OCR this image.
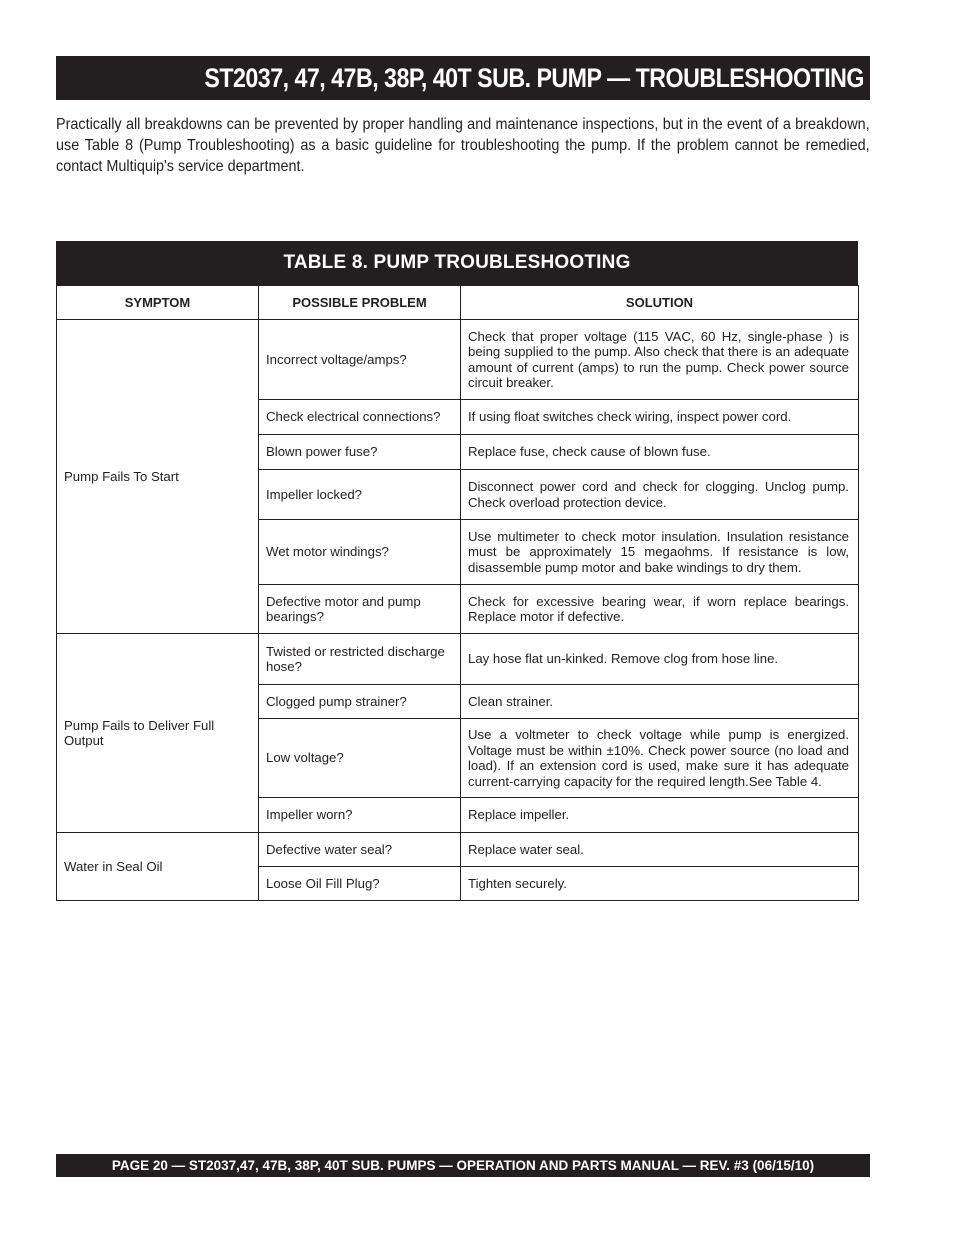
ST2037, 47, 47B, 38P, 40T SUB. PUMP — TROUBLESHOOTING
Practically all breakdowns can be prevented by proper handling and maintenance inspections, but in the event of a breakdown, use Table 8 (Pump Troubleshooting) as a basic guideline for troubleshooting the pump. If the problem cannot be remedied, contact Multiquip's service department.
TABLE 8. PUMP TROUBLESHOOTING
SYMPTOM	POSSIBLE PROBLEM	SOLUTION
Pump Fails To Start	Incorrect voltage/amps?	Check that proper voltage (115 VAC, 60 Hz, single-phase ) is being supplied to the pump. Also check that there is an adequate amount of current (amps) to run the pump. Check power source circuit breaker.
	Check electrical connections?	If using float switches check wiring, inspect power cord.
	Blown power fuse?	Replace fuse, check cause of blown fuse.
	Impeller locked?	Disconnect power cord and check for clogging. Unclog pump. Check overload protection device.
	Wet motor windings?	Use multimeter to check motor insulation. Insulation resistance must be approximately 15 megaohms. If resistance is low, disassemble pump motor and bake windings to dry them.
	Defective motor and pump bearings?	Check for excessive bearing wear, if worn replace bearings. Replace motor if defective.
Pump Fails to Deliver Full Output	Twisted or restricted discharge hose?	Lay hose flat un-kinked. Remove clog from hose line.
	Clogged pump strainer?	Clean strainer.
	Low voltage?	Use a voltmeter to check voltage while pump is energized. Voltage must be within ±10%. Check power source (no load and load). If an extension cord is used, make sure it has adequate current-carrying capacity for the required length.See Table 4.
	Impeller worn?	Replace impeller.
Water in Seal Oil	Defective water seal?	Replace water seal.
	Loose Oil Fill Plug?	Tighten securely.
PAGE 20 — ST2037,47, 47B, 38P, 40T SUB. PUMPS — OPERATION AND PARTS MANUAL — REV. #3 (06/15/10)
